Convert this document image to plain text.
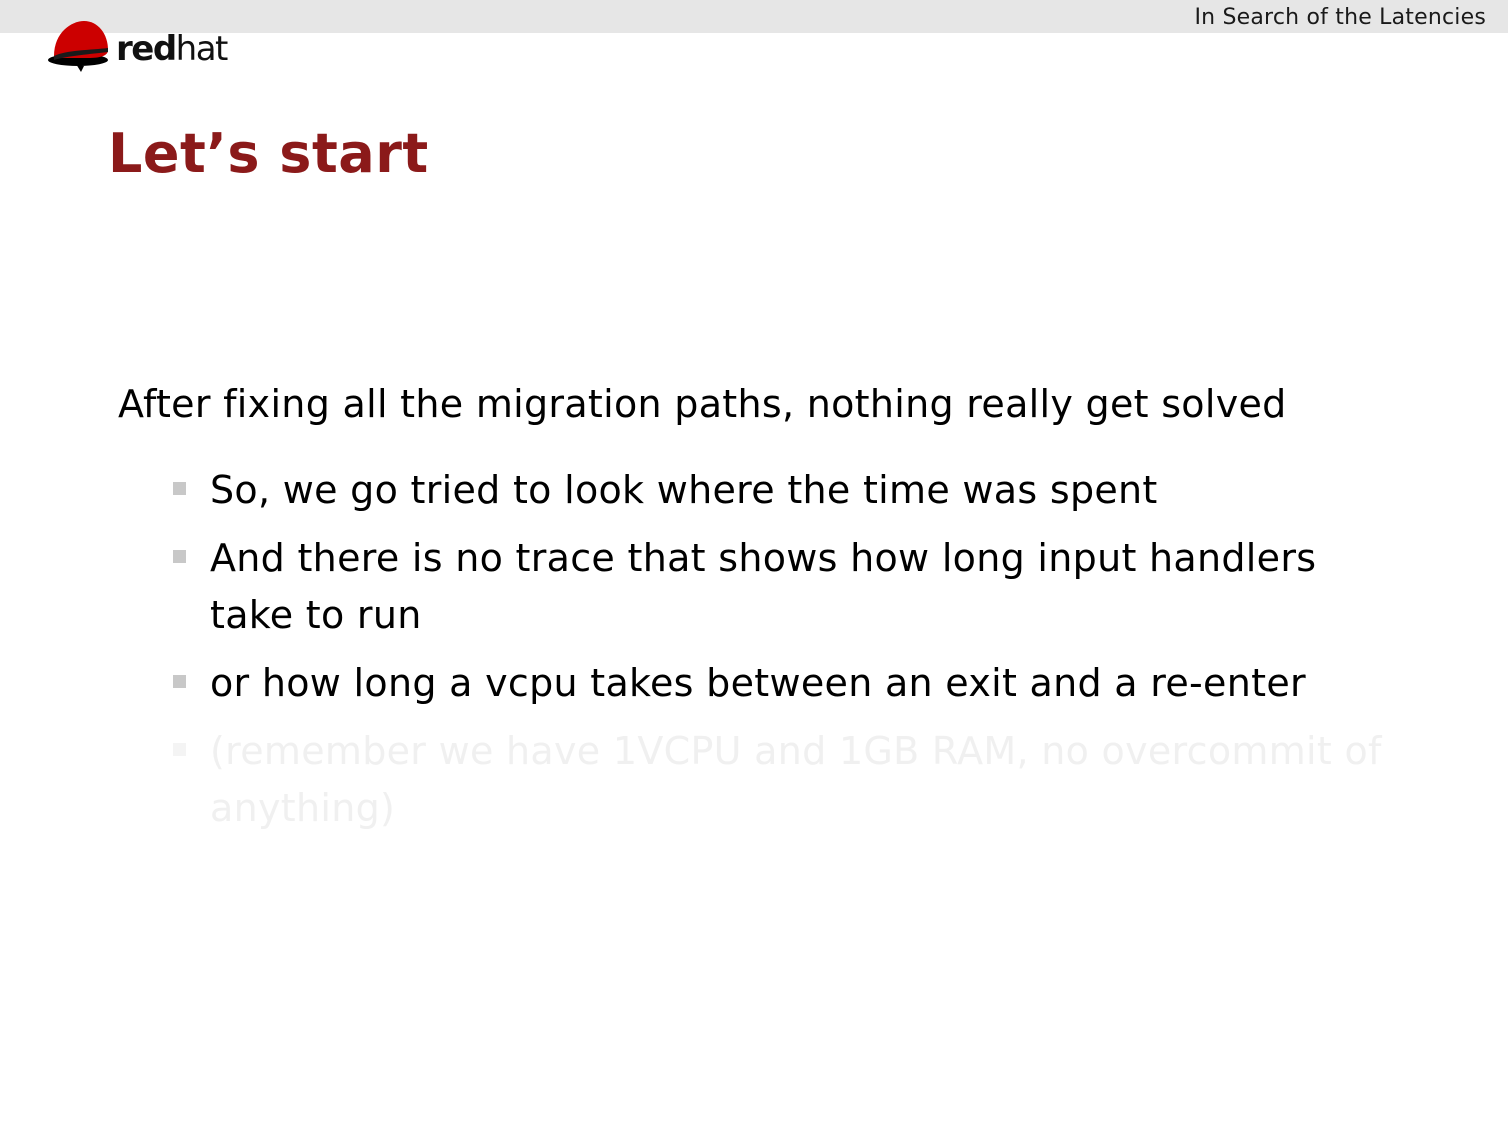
In Search of the Latencies
redhat
Let’s start
After fixing all the migration paths, nothing really get solved
So, we go tried to look where the time was spent
And there is no trace that shows how long input handlers take to run
or how long a vcpu takes between an exit and a re-enter
(remember we have 1VCPU and 1GB RAM, no overcommit of anything)
